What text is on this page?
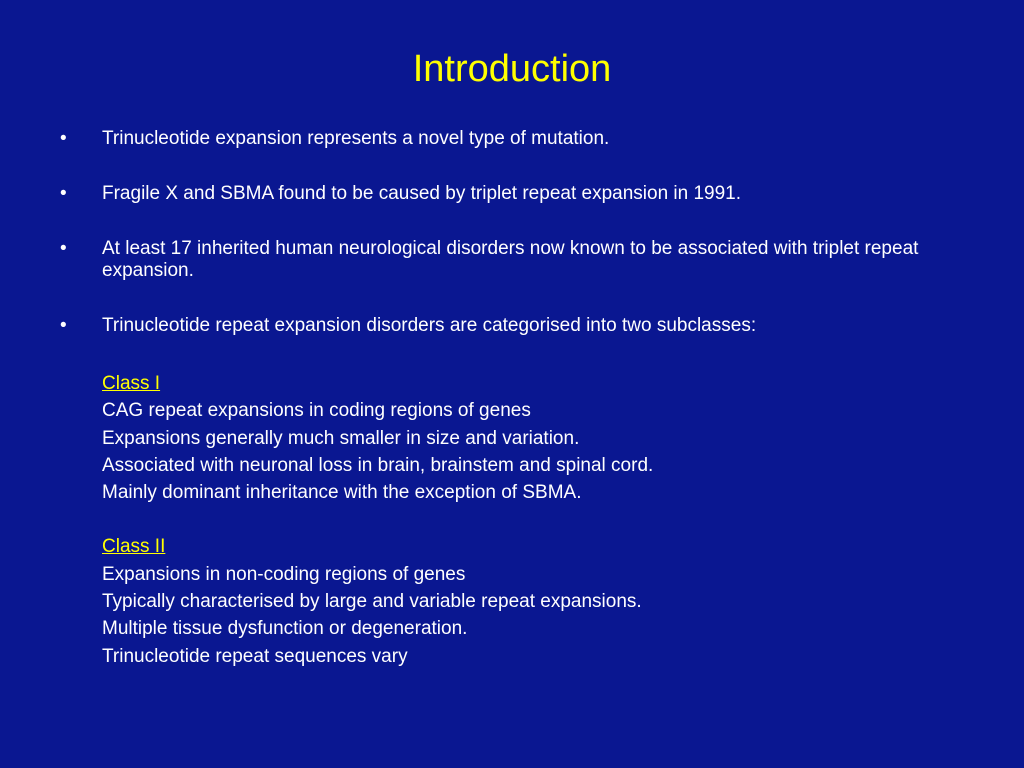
Introduction
•	Trinucleotide expansion represents a novel type of mutation.
•	Fragile X and SBMA found to be caused by triplet repeat expansion in 1991.
•	At least 17 inherited human neurological disorders now known to be associated with triplet repeat expansion.
•	Trinucleotide repeat expansion disorders are categorised into two subclasses:
Class I
CAG repeat expansions in coding regions of genes
Expansions generally much smaller in size and variation.
Associated with neuronal loss in brain, brainstem and spinal cord.
Mainly dominant inheritance with the exception of SBMA.
Class II
Expansions in non-coding regions of genes
Typically characterised by large and variable repeat expansions.
Multiple tissue dysfunction or degeneration.
Trinucleotide repeat sequences vary
